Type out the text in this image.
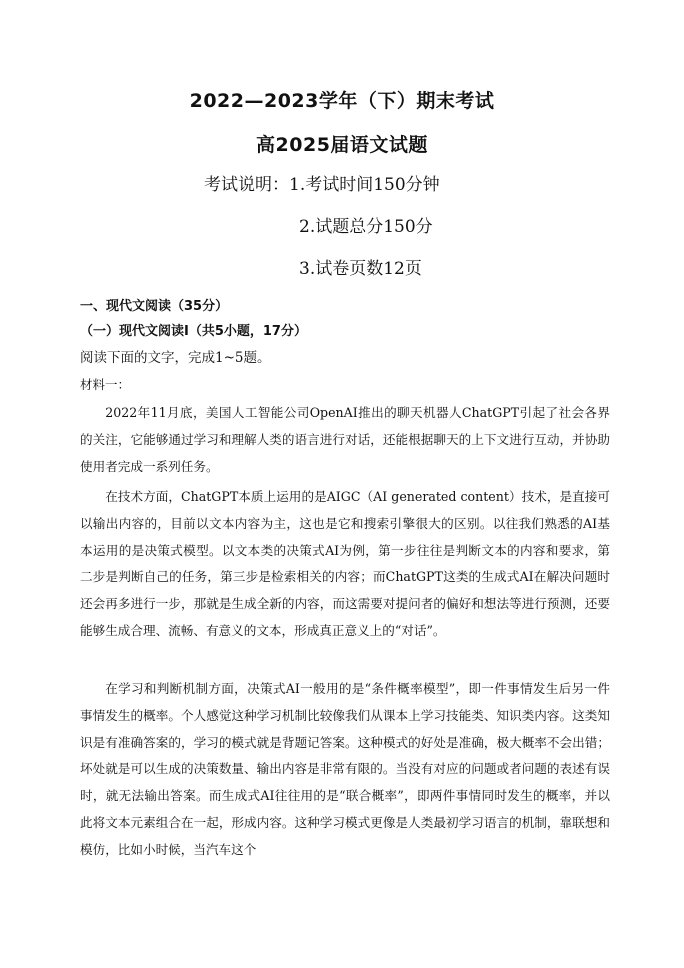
2022—2023学年（下）期末考试
高2025届语文试题
考试说明：1.考试时间150分钟
2.试题总分150分
3.试卷页数12页
一、现代文阅读（35分）
（一）现代文阅读Ⅰ（共5小题，17分）
阅读下面的文字，完成1~5题。
材料一：

2022年11月底，美国人工智能公司OpenAI推出的聊天机器人ChatGPT引起了社会各界的关注，它能够通过学习和理解人类的语言进行对话，还能根据聊天的上下文进行互动，并协助使用者完成一系列任务。

在技术方面，ChatGPT本质上运用的是AIGC（AI generated content）技术，是直接可以输出内容的，目前以文本内容为主，这也是它和搜索引擎很大的区别。以往我们熟悉的AI基本运用的是决策式模型。以文本类的决策式AI为例，第一步往往是判断文本的内容和要求，第二步是判断自己的任务，第三步是检索相关的内容；而ChatGPT这类的生成式AI在解决问题时还会再多进行一步，那就是生成全新的内容，而这需要对提问者的偏好和想法等进行预测，还要能够生成合理、流畅、有意义的文本，形成真正意义上的“对话”。

在学习和判断机制方面，决策式AI一般用的是“条件概率模型”，即一件事情发生后另一件事情发生的概率。个人感觉这种学习机制比较像我们从课本上学习技能类、知识类内容。这类知识是有准确答案的，学习的模式就是背题记答案。这种模式的好处是准确，极大概率不会出错；坏处就是可以生成的决策数量、输出内容是非常有限的。当没有对应的问题或者问题的表述有误时，就无法输出答案。而生成式AI往往用的是“联合概率”，即两件事情同时发生的概率，并以此将文本元素组合在一起，形成内容。这种学习模式更像是人类最初学习语言的机制，靠联想和模仿，比如小时候，当汽车这个
